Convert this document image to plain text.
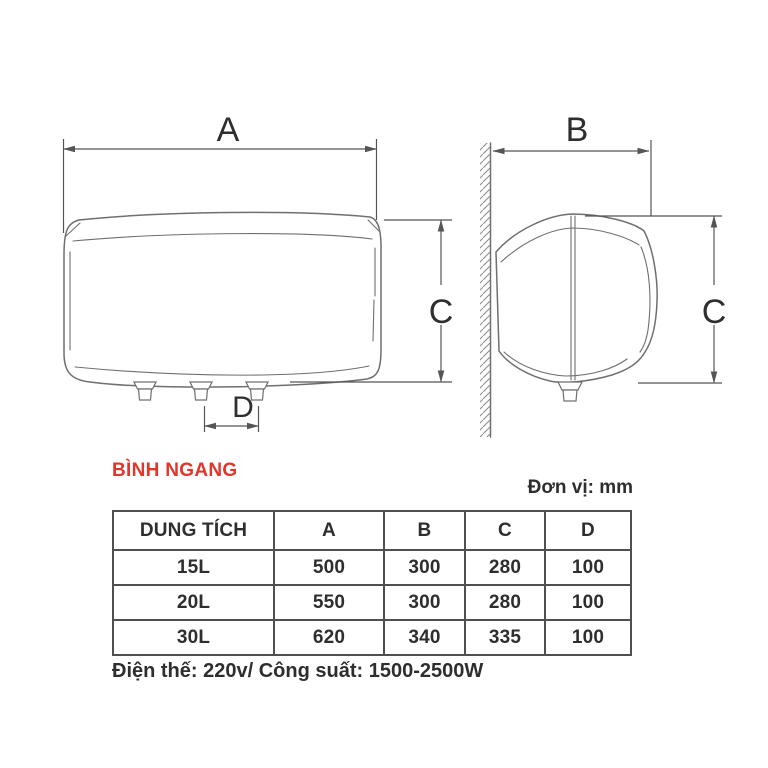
A
C
D
B
C
BÌNH NGANG
Đơn vị: mm
DUNG TÍCH	A	B	C	D
15L	500	300	280	100
20L	550	300	280	100
30L	620	340	335	100
Điện thế: 220v/ Công suất: 1500-2500W
